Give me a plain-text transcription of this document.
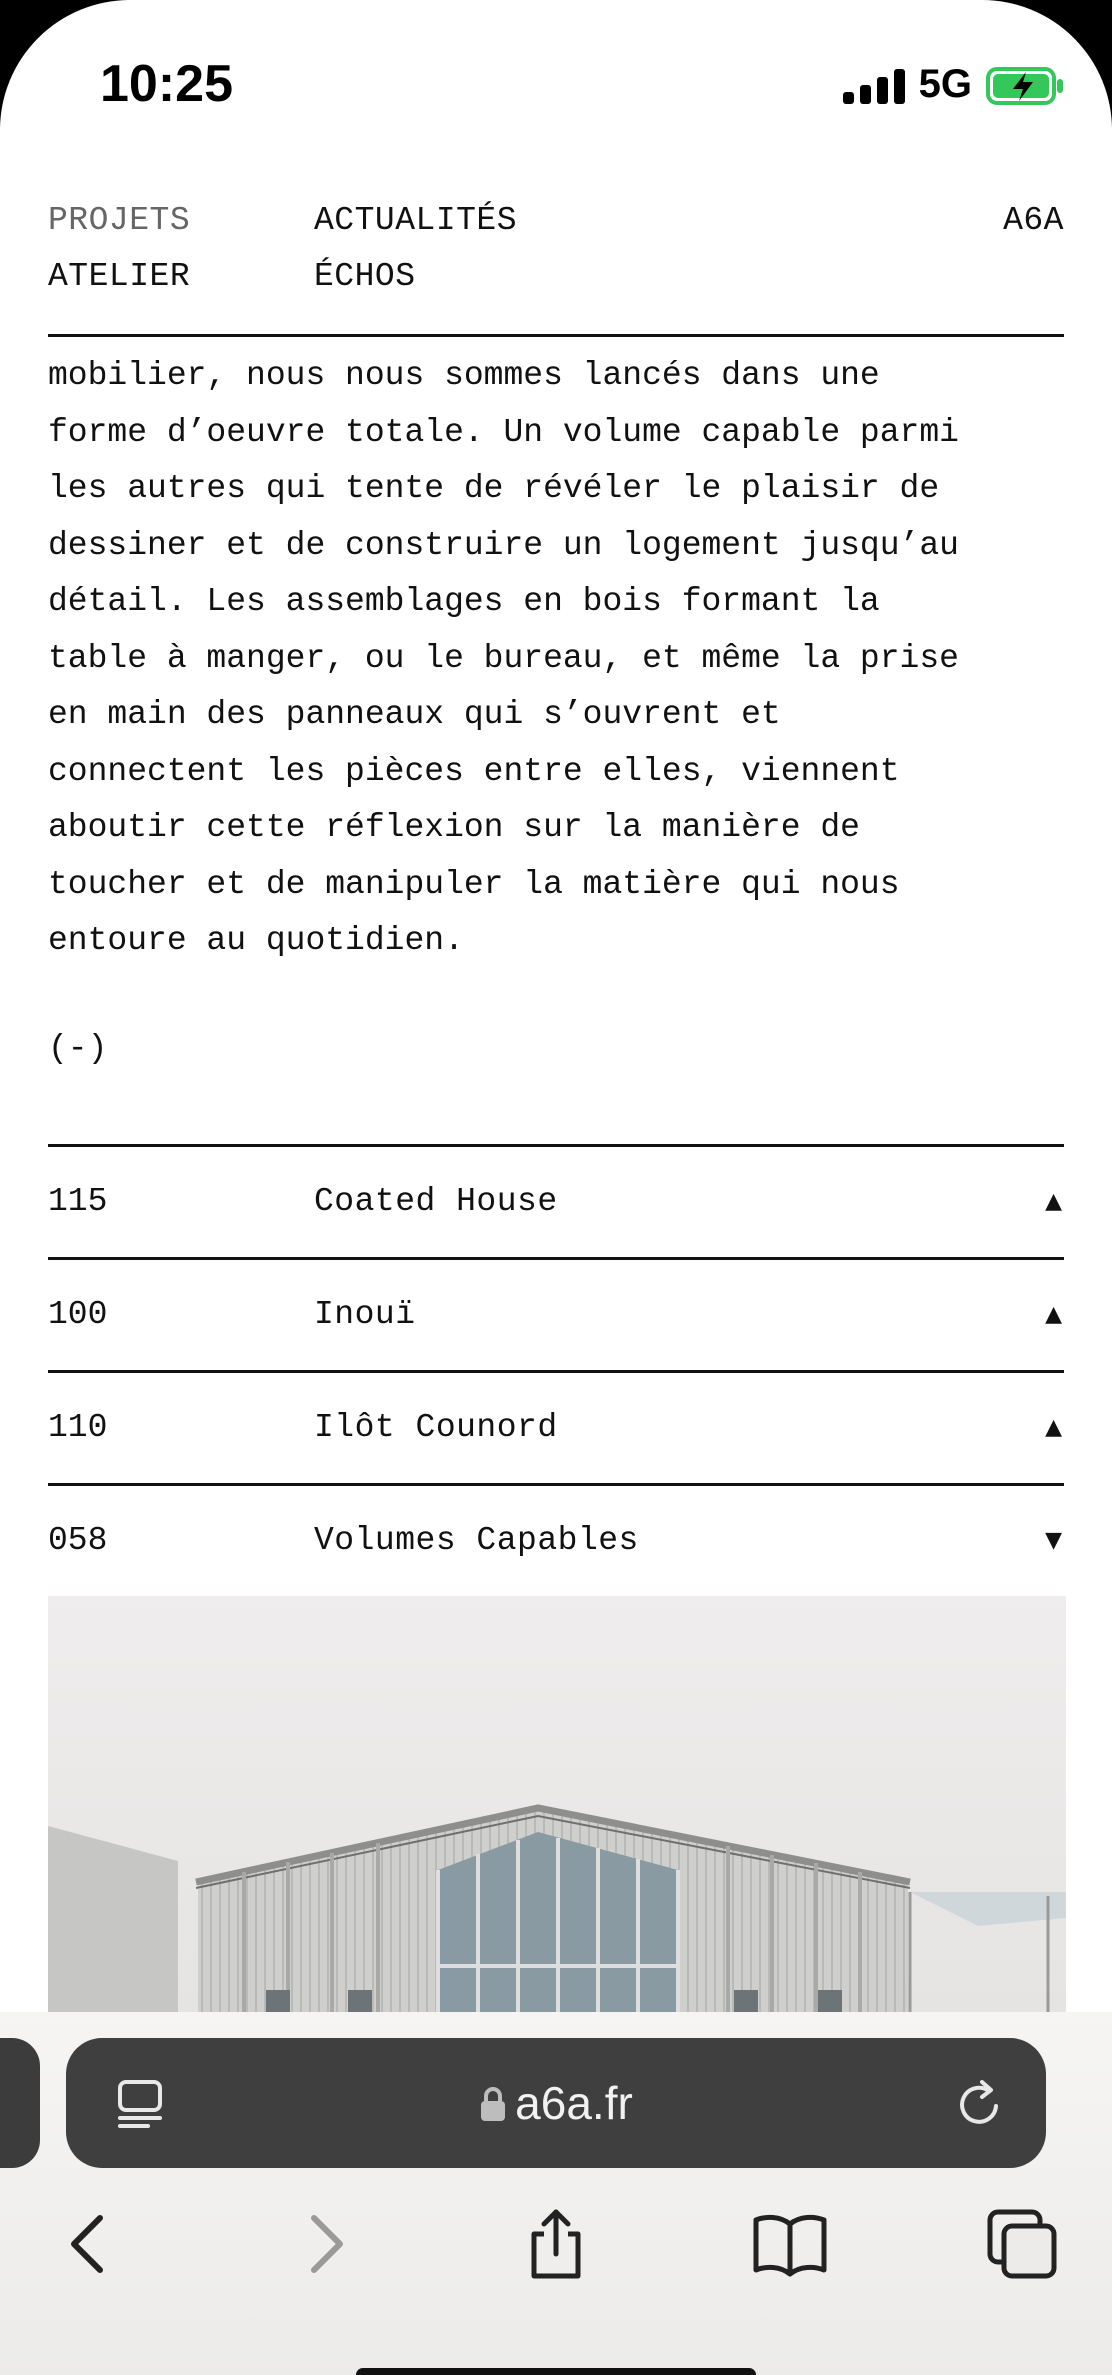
10:25	5G
PROJETS	ACTUALITÉS
ATELIER	ÉCHOS
A6A
mobilier, nous nous sommes lancés dans une
forme d’oeuvre totale. Un volume capable parmi
les autres qui tente de révéler le plaisir de
dessiner et de construire un logement jusqu’au
détail. Les assemblages en bois formant la
table à manger, ou le bureau, et même la prise
en main des panneaux qui s’ouvrent et
connectent les pièces entre elles, viennent
aboutir cette réflexion sur la manière de
toucher et de manipuler la matière qui nous
entoure au quotidien.
(-)
115	Coated House	▲
100	Inouï	▲
110	Ilôt Counord	▲
058	Volumes Capables	▼
a6a.fr
